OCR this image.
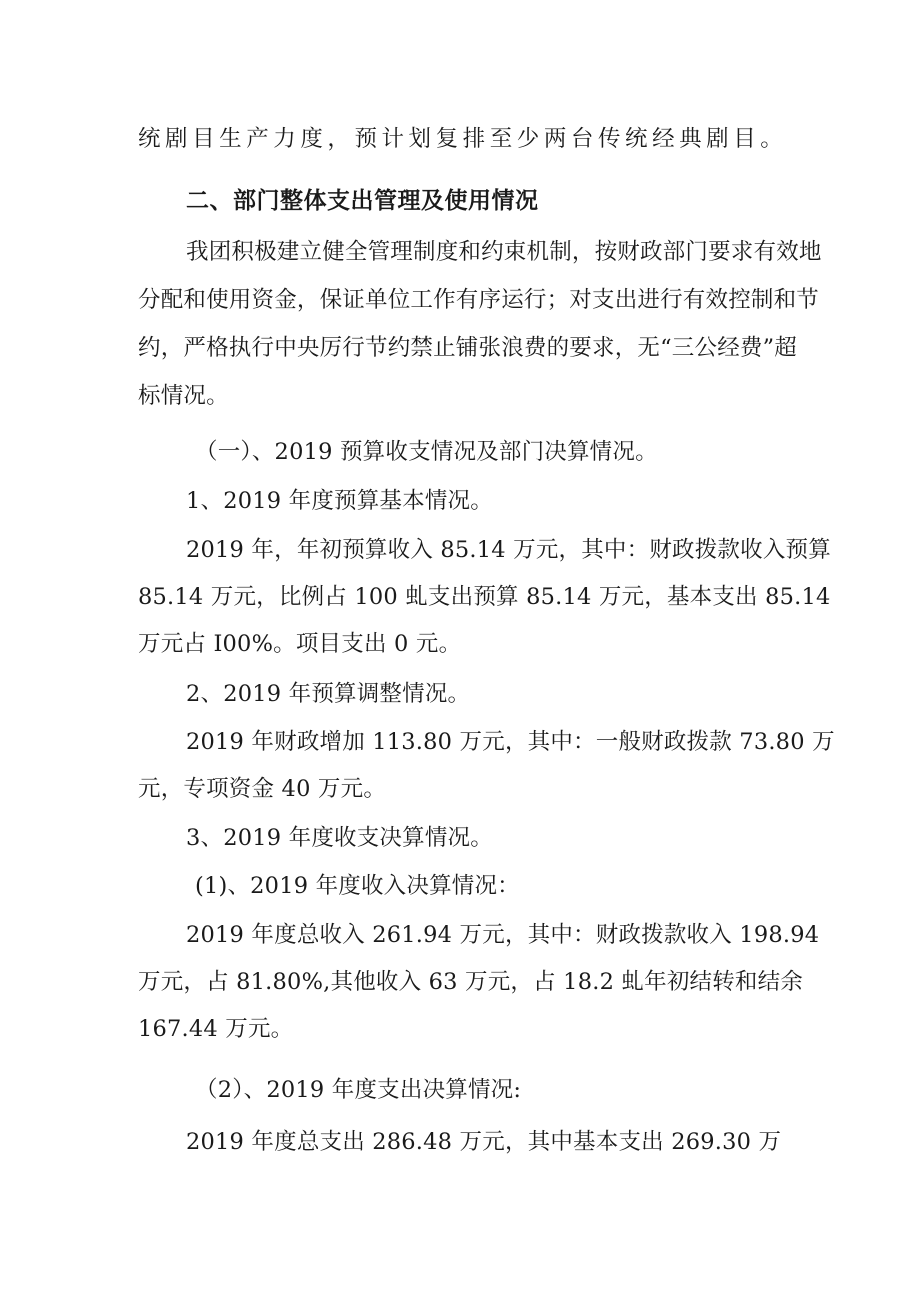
统剧目生产力度，预计划复排至少两台传统经典剧目。
二、部门整体支出管理及使用情况
我团积极建立健全管理制度和约束机制，按财政部门要求有效地
分配和使用资金，保证单位工作有序运行；对支出进行有效控制和节
约，严格执行中央厉行节约禁止铺张浪费的要求，无“三公经费”超
标情况。
（一）、2019 预算收支情况及部门决算情况。
1、2019 年度预算基本情况。
2019 年，年初预算收入 85.14 万元，其中：财政拨款收入预算
85.14 万元，比例占 100 虬支出预算 85.14 万元，基本支出 85.14
万元占 I00%。项目支出 0 元。
2、2019 年预算调整情况。
2019 年财政增加 113.80 万元，其中：一般财政拨款 73.80 万
元，专项资金 40 万元。
3、2019 年度收支决算情况。
(1)、2019 年度收入决算情况：
2019 年度总收入 261.94 万元，其中：财政拨款收入 198.94
万元，占 81.80%,其他收入 63 万元，占 18.2 虬年初结转和结余
167.44 万元。
（2）、2019 年度支出决算情况:
2019 年度总支出 286.48 万元，其中基本支出 269.30 万
